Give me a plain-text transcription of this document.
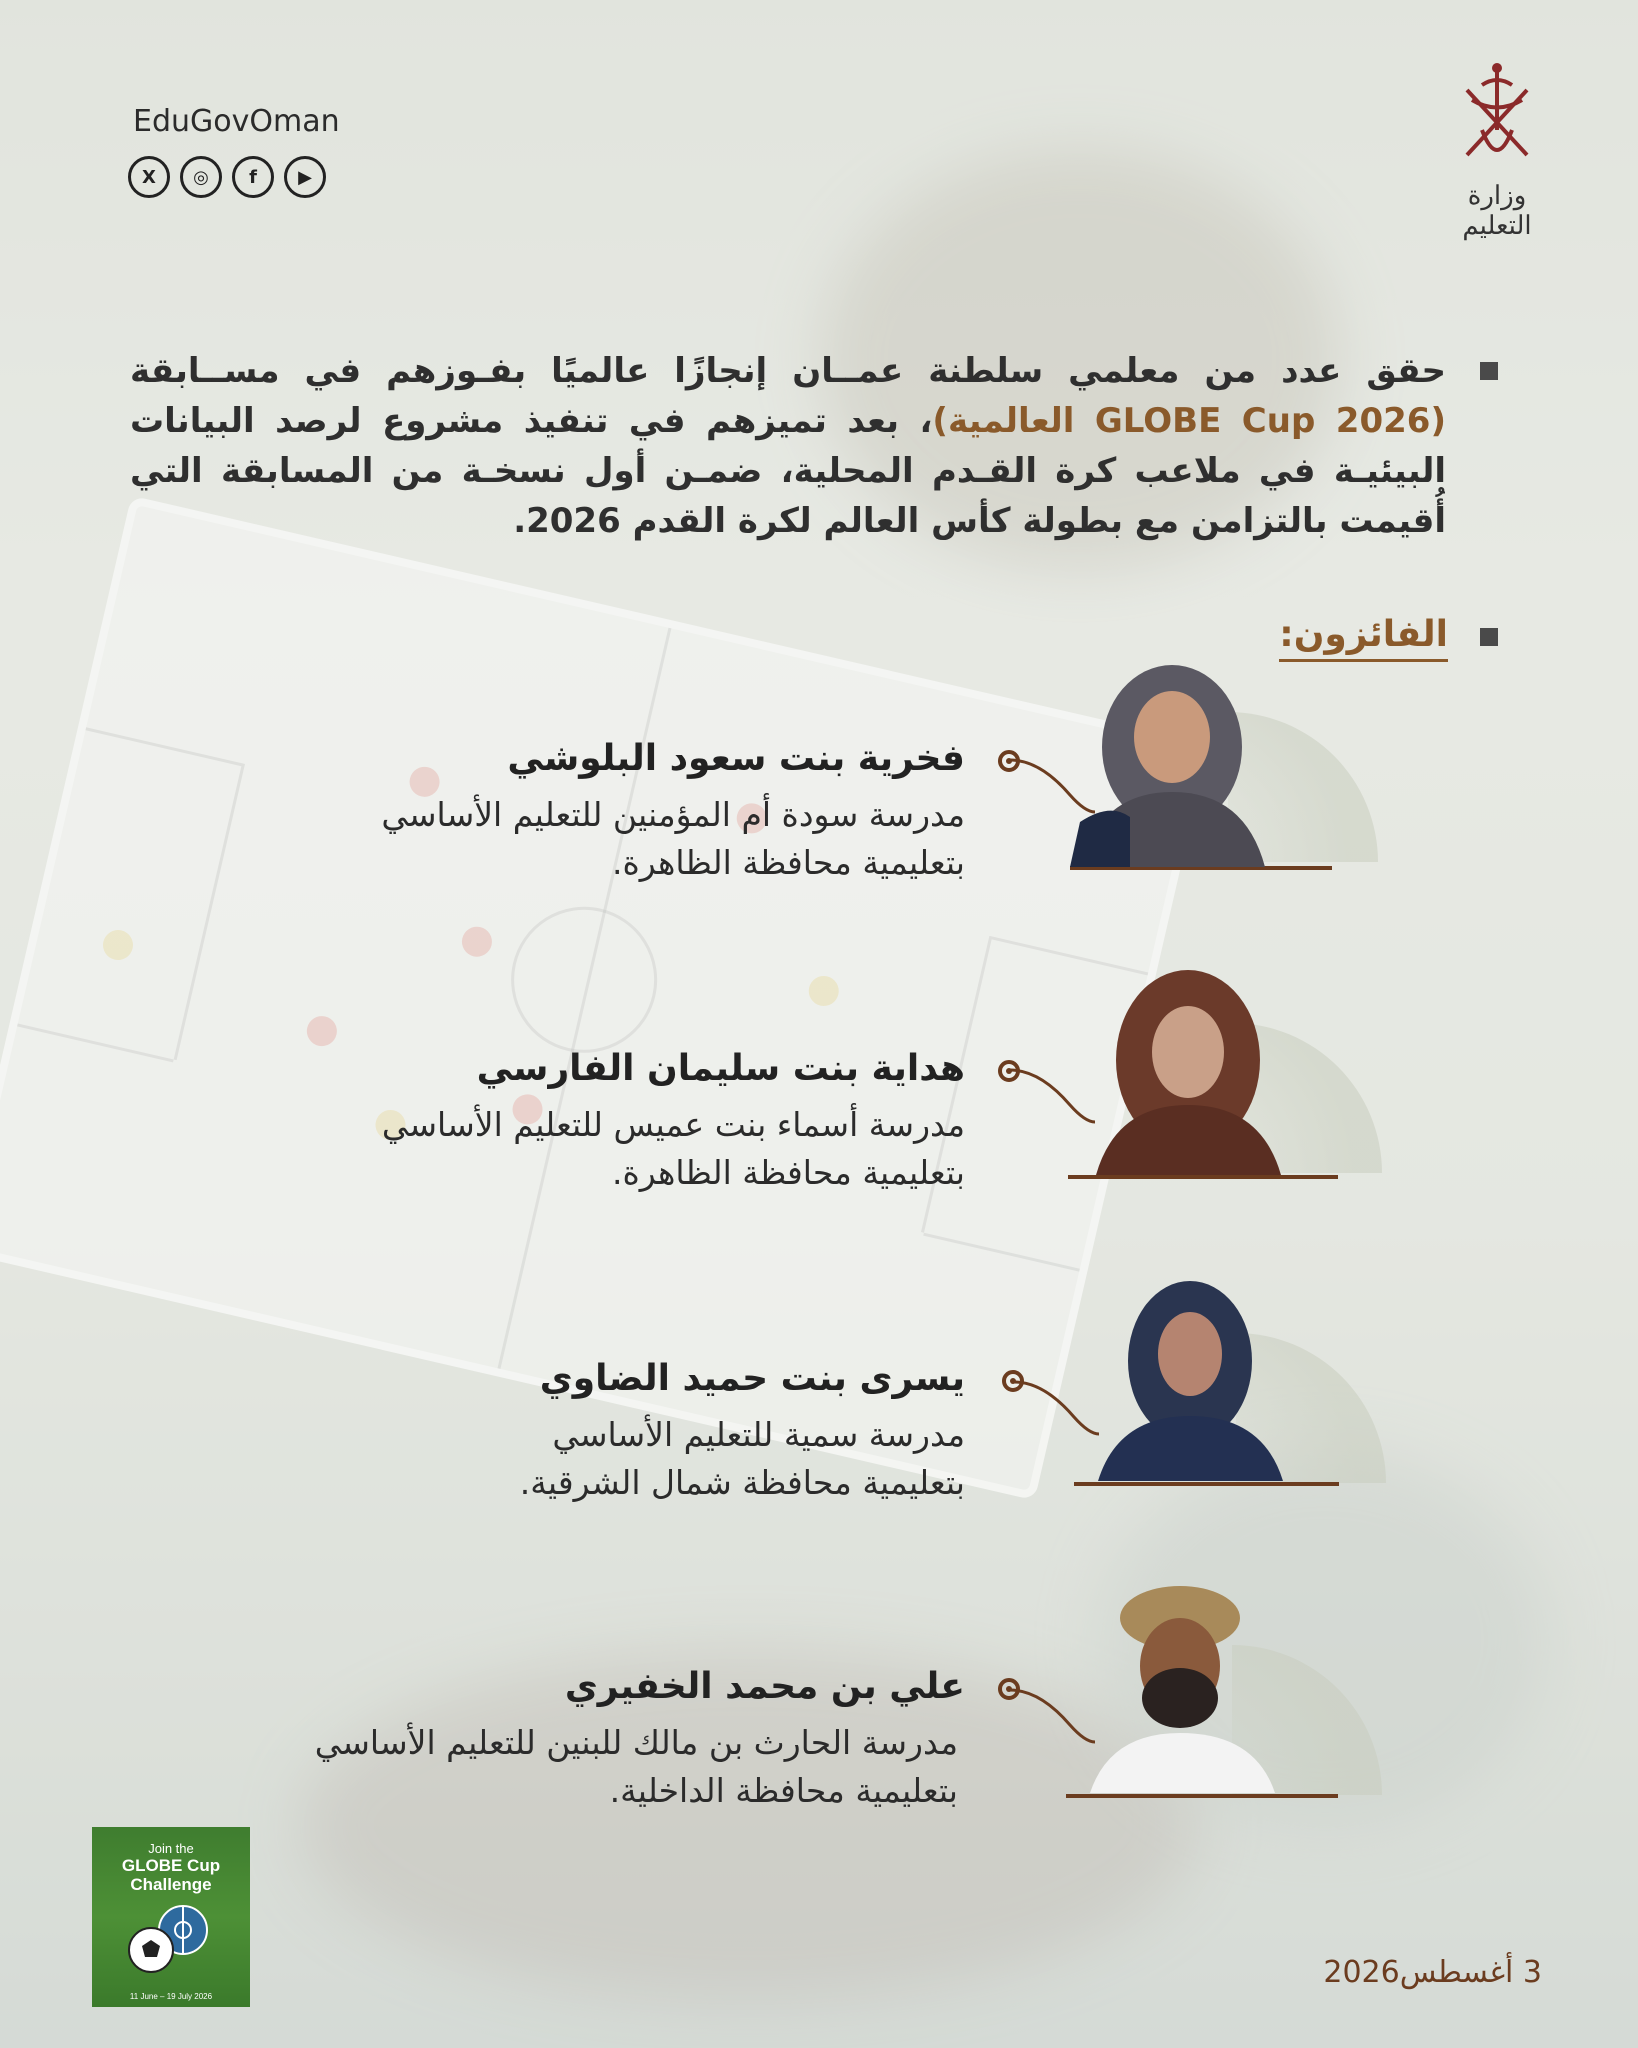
EduGovOman
X	◎	f	▶
وزارة التعليم
حقق عدد من معلمي سلطنة عمــان إنجازًا عالميًا بفـوزهم في مســابقة (GLOBE Cup 2026 العالمية)، بعد تميزهم في تنفيذ مشروع لرصد البيانات البيئيـة في ملاعب كرة القـدم المحلية، ضمـن أول نسخـة من المسابقة التي أُقيمت بالتزامن مع بطولة كأس العالم لكرة القدم 2026.
الفائزون:
فخرية بنت سعود البلوشي
مدرسة سودة أم المؤمنين للتعليم الأساسي
بتعليمية محافظة الظاهرة.
هداية بنت سليمان الفارسي
مدرسة أسماء بنت عميس للتعليم الأساسي
بتعليمية محافظة الظاهرة.
يسرى بنت حميد الضاوي
مدرسة سمية للتعليم الأساسي
بتعليمية محافظة شمال الشرقية.
علي بن محمد الخفيري
مدرسة الحارث بن مالك للبنين للتعليم الأساسي
بتعليمية محافظة الداخلية.
Join the
GLOBE Cup
Challenge
11 June – 19 July 2026
3 أغسطس2026
